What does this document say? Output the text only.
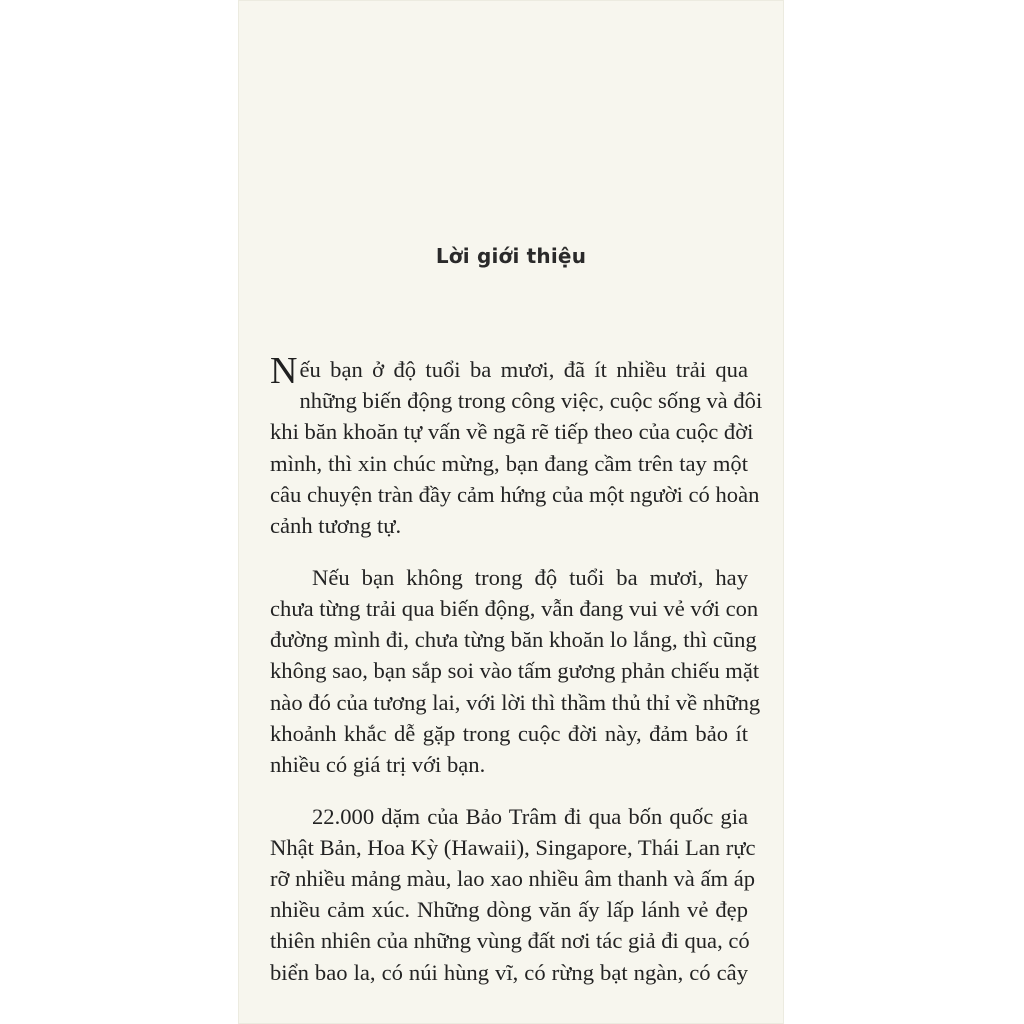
Lời giới thiệu
N ếu bạn ở độ tuổi ba mươi, đã ít nhiều trải qua
những biến động trong công việc, cuộc sống và đôi
khi băn khoăn tự vấn về ngã rẽ tiếp theo của cuộc đời
mình, thì xin chúc mừng, bạn đang cầm trên tay một
câu chuyện tràn đầy cảm hứng của một người có hoàn
cảnh tương tự.
Nếu bạn không trong độ tuổi ba mươi, hay
chưa từng trải qua biến động, vẫn đang vui vẻ với con
đường mình đi, chưa từng băn khoăn lo lắng, thì cũng
không sao, bạn sắp soi vào tấm gương phản chiếu mặt
nào đó của tương lai, với lời thì thầm thủ thỉ về những
khoảnh khắc dễ gặp trong cuộc đời này, đảm bảo ít
nhiều có giá trị với bạn.
22.000 dặm của Bảo Trâm đi qua bốn quốc gia
Nhật Bản, Hoa Kỳ (Hawaii), Singapore, Thái Lan rực
rỡ nhiều mảng màu, lao xao nhiều âm thanh và ấm áp
nhiều cảm xúc. Những dòng văn ấy lấp lánh vẻ đẹp
thiên nhiên của những vùng đất nơi tác giả đi qua, có
biển bao la, có núi hùng vĩ, có rừng bạt ngàn, có cây
